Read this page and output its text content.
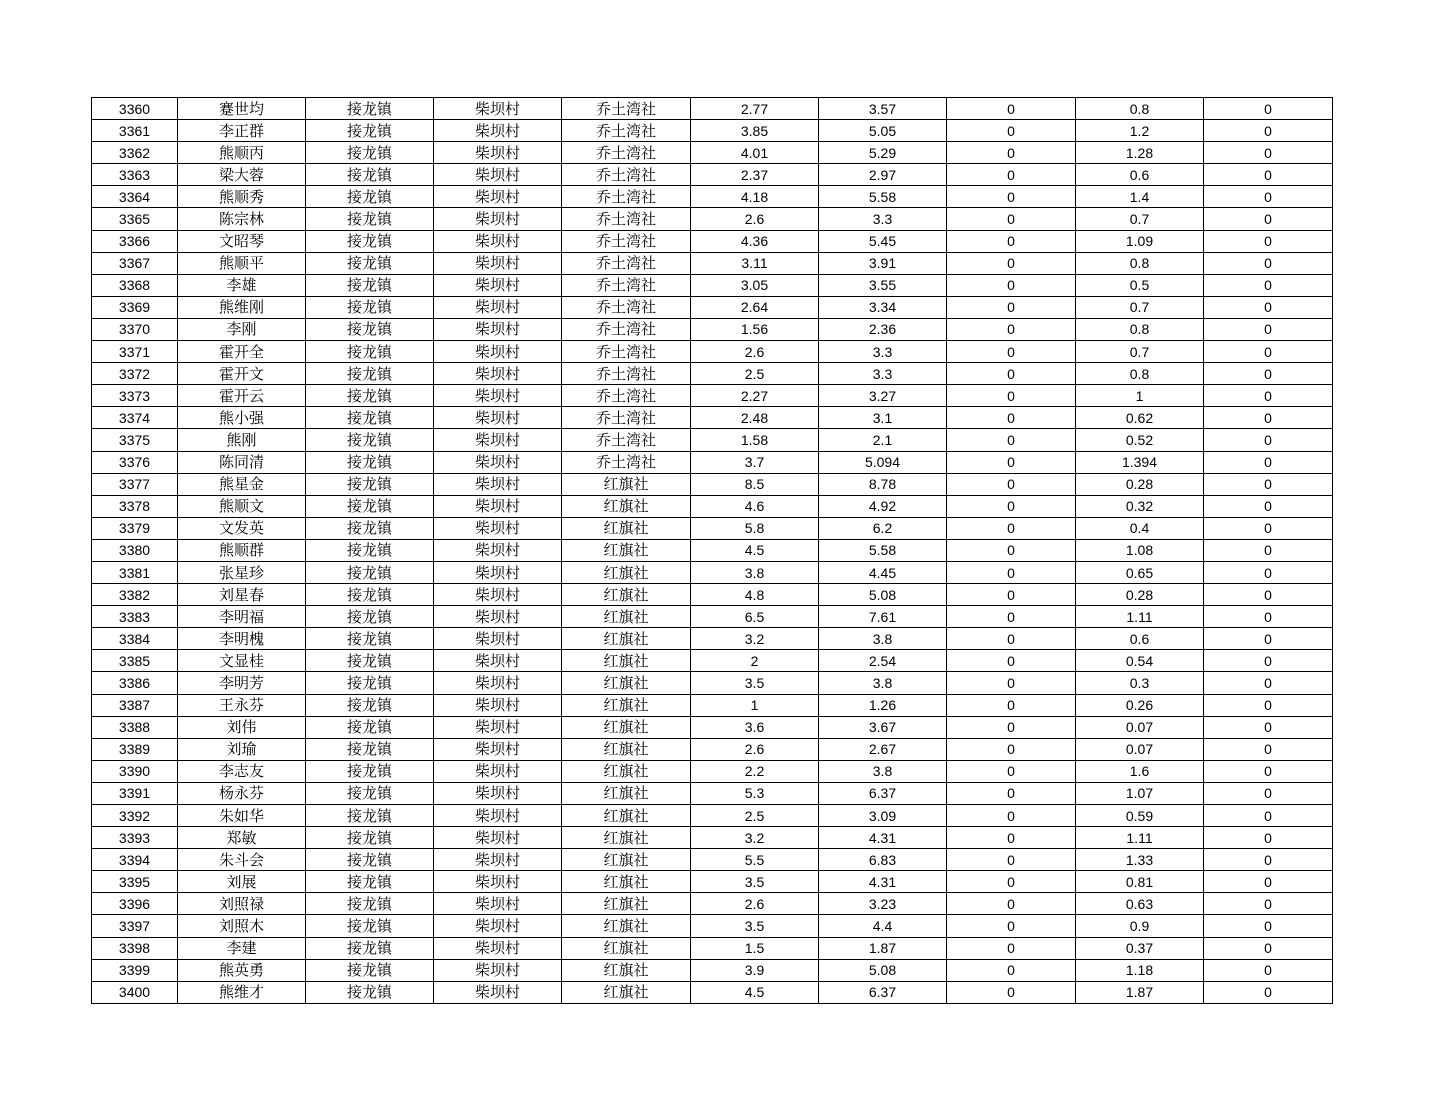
3360	蹇世均	接龙镇	柴坝村	乔土湾社	2.77	3.57	0	0.8	0
3361	李正群	接龙镇	柴坝村	乔土湾社	3.85	5.05	0	1.2	0
3362	熊顺丙	接龙镇	柴坝村	乔土湾社	4.01	5.29	0	1.28	0
3363	梁大蓉	接龙镇	柴坝村	乔土湾社	2.37	2.97	0	0.6	0
3364	熊顺秀	接龙镇	柴坝村	乔土湾社	4.18	5.58	0	1.4	0
3365	陈宗林	接龙镇	柴坝村	乔土湾社	2.6	3.3	0	0.7	0
3366	文昭琴	接龙镇	柴坝村	乔土湾社	4.36	5.45	0	1.09	0
3367	熊顺平	接龙镇	柴坝村	乔土湾社	3.11	3.91	0	0.8	0
3368	李雄	接龙镇	柴坝村	乔土湾社	3.05	3.55	0	0.5	0
3369	熊维刚	接龙镇	柴坝村	乔土湾社	2.64	3.34	0	0.7	0
3370	李刚	接龙镇	柴坝村	乔土湾社	1.56	2.36	0	0.8	0
3371	霍开全	接龙镇	柴坝村	乔土湾社	2.6	3.3	0	0.7	0
3372	霍开文	接龙镇	柴坝村	乔土湾社	2.5	3.3	0	0.8	0
3373	霍开云	接龙镇	柴坝村	乔土湾社	2.27	3.27	0	1	0
3374	熊小强	接龙镇	柴坝村	乔土湾社	2.48	3.1	0	0.62	0
3375	熊刚	接龙镇	柴坝村	乔土湾社	1.58	2.1	0	0.52	0
3376	陈同清	接龙镇	柴坝村	乔土湾社	3.7	5.094	0	1.394	0
3377	熊星金	接龙镇	柴坝村	红旗社	8.5	8.78	0	0.28	0
3378	熊顺文	接龙镇	柴坝村	红旗社	4.6	4.92	0	0.32	0
3379	文发英	接龙镇	柴坝村	红旗社	5.8	6.2	0	0.4	0
3380	熊顺群	接龙镇	柴坝村	红旗社	4.5	5.58	0	1.08	0
3381	张星珍	接龙镇	柴坝村	红旗社	3.8	4.45	0	0.65	0
3382	刘星春	接龙镇	柴坝村	红旗社	4.8	5.08	0	0.28	0
3383	李明福	接龙镇	柴坝村	红旗社	6.5	7.61	0	1.11	0
3384	李明槐	接龙镇	柴坝村	红旗社	3.2	3.8	0	0.6	0
3385	文显桂	接龙镇	柴坝村	红旗社	2	2.54	0	0.54	0
3386	李明芳	接龙镇	柴坝村	红旗社	3.5	3.8	0	0.3	0
3387	王永芬	接龙镇	柴坝村	红旗社	1	1.26	0	0.26	0
3388	刘伟	接龙镇	柴坝村	红旗社	3.6	3.67	0	0.07	0
3389	刘瑜	接龙镇	柴坝村	红旗社	2.6	2.67	0	0.07	0
3390	李志友	接龙镇	柴坝村	红旗社	2.2	3.8	0	1.6	0
3391	杨永芬	接龙镇	柴坝村	红旗社	5.3	6.37	0	1.07	0
3392	朱如华	接龙镇	柴坝村	红旗社	2.5	3.09	0	0.59	0
3393	郑敏	接龙镇	柴坝村	红旗社	3.2	4.31	0	1.11	0
3394	朱斗会	接龙镇	柴坝村	红旗社	5.5	6.83	0	1.33	0
3395	刘展	接龙镇	柴坝村	红旗社	3.5	4.31	0	0.81	0
3396	刘照禄	接龙镇	柴坝村	红旗社	2.6	3.23	0	0.63	0
3397	刘照木	接龙镇	柴坝村	红旗社	3.5	4.4	0	0.9	0
3398	李建	接龙镇	柴坝村	红旗社	1.5	1.87	0	0.37	0
3399	熊英勇	接龙镇	柴坝村	红旗社	3.9	5.08	0	1.18	0
3400	熊维才	接龙镇	柴坝村	红旗社	4.5	6.37	0	1.87	0
